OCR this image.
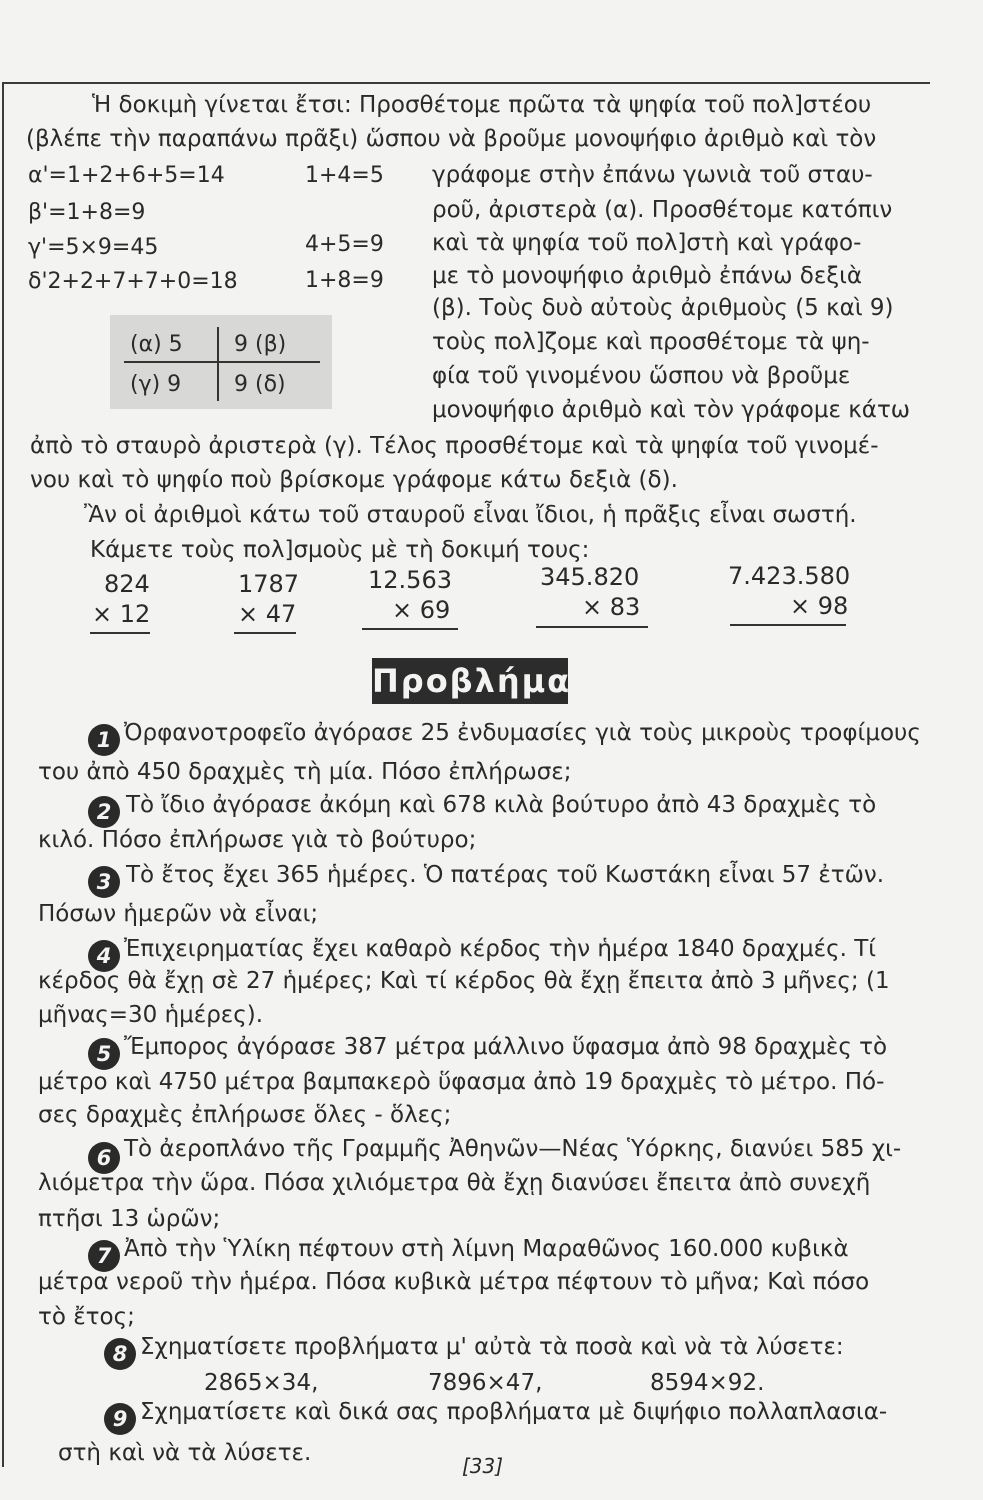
Ἡ δοκιμὴ γίνεται ἔτσι: Προσθέτομε πρῶτα τὰ ψηφία τοῦ πολ]στέου
(βλέπε τὴν παραπάνω πρᾶξι) ὥσπου νὰ βροῦμε μονοψήφιο ἀριθμὸ καὶ τὸν
α'=1+2+6+5=14	1+4=5
β'=1+8=9
γ'=5×9=45	4+5=9
δ'2+2+7+7+0=18	1+8=9
γράφομε στὴν ἐπάνω γωνιὰ τοῦ σταυ-
ροῦ, ἀριστερὰ (α). Προσθέτομε κατόπιν
καὶ τὰ ψηφία τοῦ πολ]στὴ καὶ γράφο-
με τὸ μονοψήφιο ἀριθμὸ ἐπάνω δεξιὰ
(β). Τοὺς δυὸ αὐτοὺς ἀριθμοὺς (5 καὶ 9)
τοὺς πολ]ζομε καὶ προσθέτομε τὰ ψη-
φία τοῦ γινομένου ὥσπου νὰ βροῦμε
μονοψήφιο ἀριθμὸ καὶ τὸν γράφομε κάτω
(α) 5 9 (β)
(γ) 9 9 (δ)
ἀπὸ τὸ σταυρὸ ἀριστερὰ (γ). Τέλος προσθέτομε καὶ τὰ ψηφία τοῦ γινομέ-
νου καὶ τὸ ψηφίο ποὺ βρίσκομε γράφομε κάτω δεξιὰ (δ).
Ἂν οἱ ἀριθμοὶ κάτω τοῦ σταυροῦ εἶναι ἴδιοι, ἡ πρᾶξις εἶναι σωστή.
Κάμετε τοὺς πολ]σμοὺς μὲ τὴ δοκιμή τους:
824
× 12
1787
× 47
12.563
× 69
345.820
× 83
7.423.580
× 98
Προβλήματα
1 Ὀρφανοτροφεῖο ἀγόρασε 25 ἐνδυμασίες γιὰ τοὺς μικροὺς τροφίμους
του ἀπὸ 450 δραχμὲς τὴ μία. Πόσο ἐπλήρωσε;
2 Τὸ ἴδιο ἀγόρασε ἀκόμη καὶ 678 κιλὰ βούτυρο ἀπὸ 43 δραχμὲς τὸ
κιλό. Πόσο ἐπλήρωσε γιὰ τὸ βούτυρο;
3 Τὸ ἔτος ἔχει 365 ἡμέρες. Ὁ πατέρας τοῦ Κωστάκη εἶναι 57 ἐτῶν.
Πόσων ἡμερῶν νὰ εἶναι;
4 Ἐπιχειρηματίας ἔχει καθαρὸ κέρδος τὴν ἡμέρα 1840 δραχμές. Τί
κέρδος θὰ ἔχῃ σὲ 27 ἡμέρες; Καὶ τί κέρδος θὰ ἔχῃ ἔπειτα ἀπὸ 3 μῆνες; (1
μῆνας=30 ἡμέρες).
5 Ἔμπορος ἀγόρασε 387 μέτρα μάλλινο ὕφασμα ἀπὸ 98 δραχμὲς τὸ
μέτρο καὶ 4750 μέτρα βαμπακερὸ ὕφασμα ἀπὸ 19 δραχμὲς τὸ μέτρο. Πό-
σες δραχμὲς ἐπλήρωσε ὅλες - ὅλες;
6 Τὸ ἀεροπλάνο τῆς Γραμμῆς Ἀθηνῶν—Νέας Ὑόρκης, διανύει 585 χι-
λιόμετρα τὴν ὥρα. Πόσα χιλιόμετρα θὰ ἔχῃ διανύσει ἔπειτα ἀπὸ συνεχῆ
πτῆσι 13 ὡρῶν;
7 Ἀπὸ τὴν Ὑλίκη πέφτουν στὴ λίμνη Μαραθῶνος 160.000 κυβικὰ
μέτρα νεροῦ τὴν ἡμέρα. Πόσα κυβικὰ μέτρα πέφτουν τὸ μῆνα; Καὶ πόσο
τὸ ἔτος;
8 Σχηματίσετε προβλήματα μ' αὐτὰ τὰ ποσὰ καὶ νὰ τὰ λύσετε:
2865×34,	7896×47,	8594×92.
9 Σχηματίσετε καὶ δικά σας προβλήματα μὲ διψήφιο πολλαπλασια-
στὴ καὶ νὰ τὰ λύσετε.	[33]
